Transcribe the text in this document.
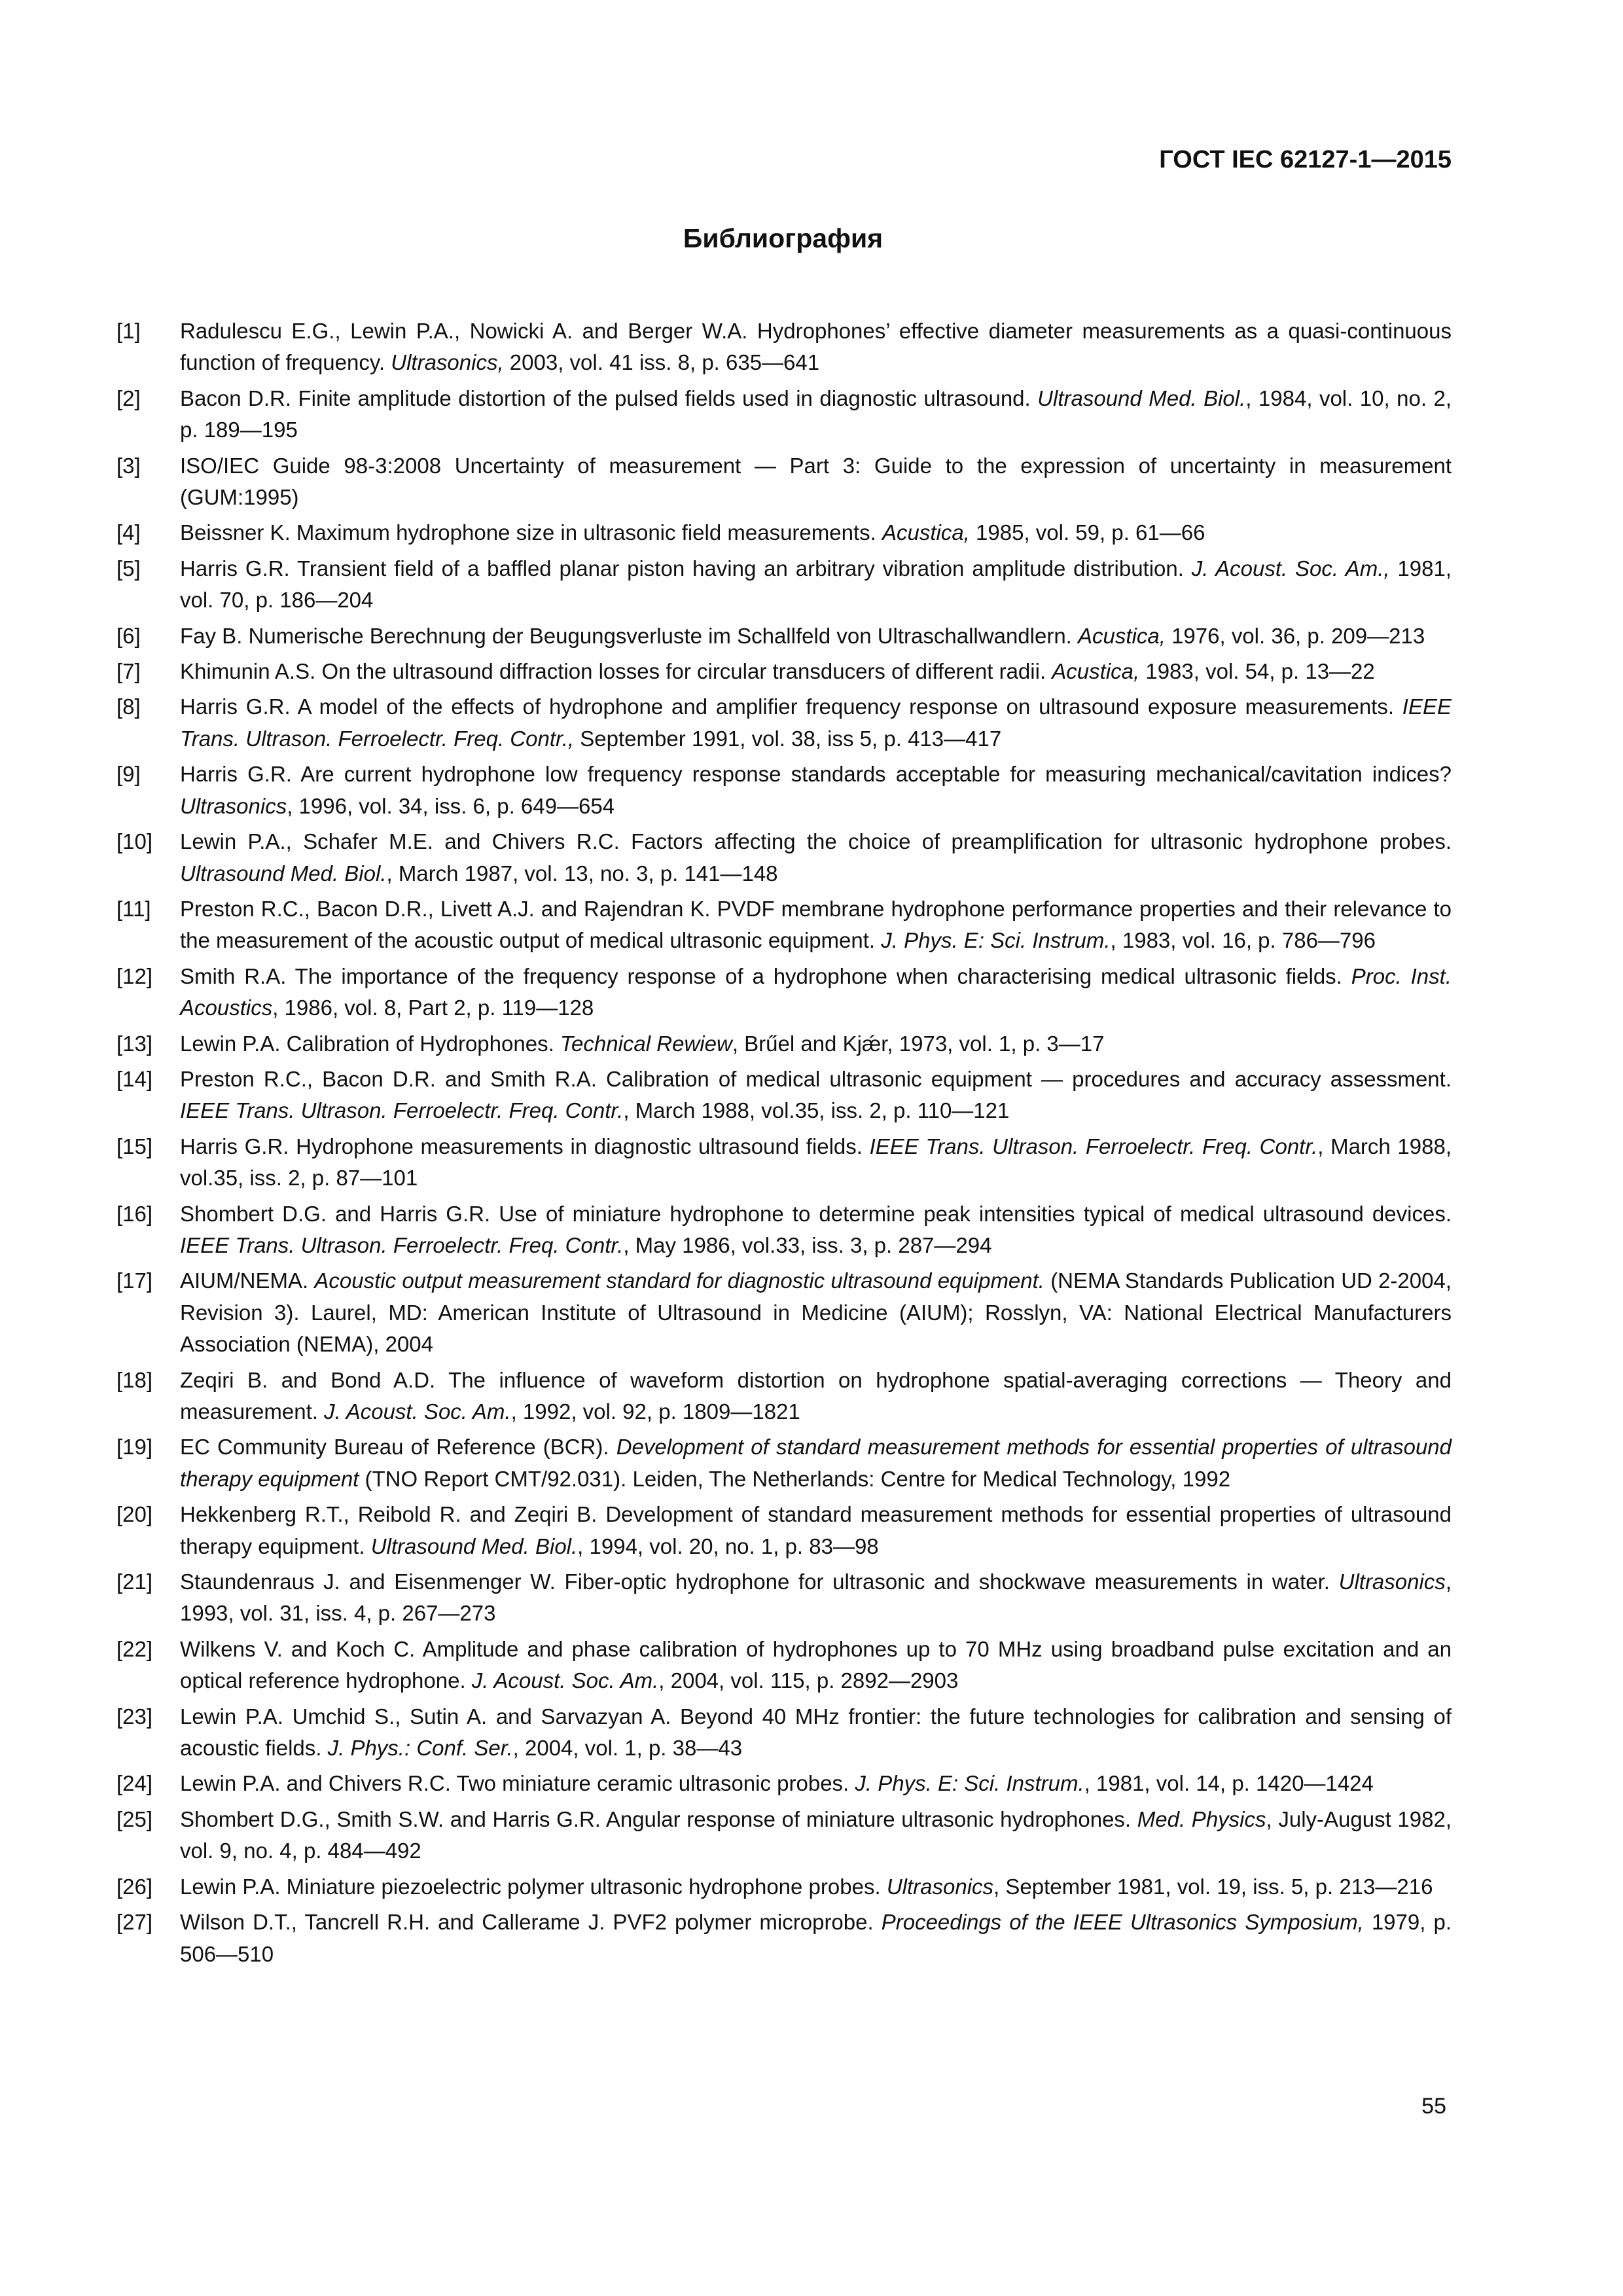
ГОСТ IEC 62127-1—2015
Библиография
[1]	Radulescu E.G., Lewin P.A., Nowicki A. and Berger W.A. Hydrophones’ effective diameter measurements as a quasi-continuous function of frequency. Ultrasonics, 2003, vol. 41 iss. 8, p. 635—641
[2]	Bacon D.R. Finite amplitude distortion of the pulsed fields used in diagnostic ultrasound. Ultrasound Med. Biol., 1984, vol. 10, no. 2, p. 189—195
[3]	ISO/IEC Guide 98-3:2008 Uncertainty of measurement — Part 3: Guide to the expression of uncertainty in measurement (GUM:1995)
[4]	Beissner K. Maximum hydrophone size in ultrasonic field measurements. Acustica, 1985, vol. 59, p. 61—66
[5]	Harris G.R. Transient field of a baffled planar piston having an arbitrary vibration amplitude distribution. J. Acoust. Soc. Am., 1981, vol. 70, p. 186—204
[6]	Fay B. Numerische Berechnung der Beugungsverluste im Schallfeld von Ultraschallwandlern. Acustica, 1976, vol. 36, p. 209—213
[7]	Khimunin A.S. On the ultrasound diffraction losses for circular transducers of different radii. Acustica, 1983, vol. 54, p. 13—22
[8]	Harris G.R. A model of the effects of hydrophone and amplifier frequency response on ultrasound exposure measurements. IEEE Trans. Ultrason. Ferroelectr. Freq. Contr., September 1991, vol. 38, iss 5, p. 413—417
[9]	Harris G.R. Are current hydrophone low frequency response standards acceptable for measuring mechanical/cavitation indices? Ultrasonics, 1996, vol. 34, iss. 6, p. 649—654
[10]	Lewin P.A., Schafer M.E. and Chivers R.C. Factors affecting the choice of preamplification for ultrasonic hydrophone probes. Ultrasound Med. Biol., March 1987, vol. 13, no. 3, p. 141—148
[11]	Preston R.C., Bacon D.R., Livett A.J. and Rajendran K. PVDF membrane hydrophone performance properties and their relevance to the measurement of the acoustic output of medical ultrasonic equipment. J. Phys. E: Sci. Instrum., 1983, vol. 16, p. 786—796
[12]	Smith R.A. The importance of the frequency response of a hydrophone when characterising medical ultrasonic fields. Proc. Inst. Acoustics, 1986, vol. 8, Part 2, p. 119—128
[13]	Lewin P.A. Calibration of Hydrophones. Technical Rewiew, Brűel and Kjǽr, 1973, vol. 1, p. 3—17
[14]	Preston R.C., Bacon D.R. and Smith R.A. Calibration of medical ultrasonic equipment — procedures and accuracy assessment. IEEE Trans. Ultrason. Ferroelectr. Freq. Contr., March 1988, vol.35, iss. 2, p. 110—121
[15]	Harris G.R. Hydrophone measurements in diagnostic ultrasound fields. IEEE Trans. Ultrason. Ferroelectr. Freq. Contr., March 1988, vol.35, iss. 2, p. 87—101
[16]	Shombert D.G. and Harris G.R. Use of miniature hydrophone to determine peak intensities typical of medical ultrasound devices. IEEE Trans. Ultrason. Ferroelectr. Freq. Contr., May 1986, vol.33, iss. 3, p. 287—294
[17]	AIUM/NEMA. Acoustic output measurement standard for diagnostic ultrasound equipment. (NEMA Standards Publication UD 2-2004, Revision 3). Laurel, MD: American Institute of Ultrasound in Medicine (AIUM); Rosslyn, VA: National Electrical Manufacturers Association (NEMA), 2004
[18]	Zeqiri B. and Bond A.D. The influence of waveform distortion on hydrophone spatial-averaging corrections — Theory and measurement. J. Acoust. Soc. Am., 1992, vol. 92, p. 1809—1821
[19]	EC Community Bureau of Reference (BCR). Development of standard measurement methods for essential properties of ultrasound therapy equipment (TNO Report CMT/92.031). Leiden, The Netherlands: Centre for Medical Technology, 1992
[20]	Hekkenberg R.T., Reibold R. and Zeqiri B. Development of standard measurement methods for essential properties of ultrasound therapy equipment. Ultrasound Med. Biol., 1994, vol. 20, no. 1, p. 83—98
[21]	Staundenraus J. and Eisenmenger W. Fiber-optic hydrophone for ultrasonic and shockwave measurements in water. Ultrasonics, 1993, vol. 31, iss. 4, p. 267—273
[22]	Wilkens V. and Koch C. Amplitude and phase calibration of hydrophones up to 70 MHz using broadband pulse excitation and an optical reference hydrophone. J. Acoust. Soc. Am., 2004, vol. 115, p. 2892—2903
[23]	Lewin P.A. Umchid S., Sutin A. and Sarvazyan A. Beyond 40 MHz frontier: the future technologies for calibration and sensing of acoustic fields. J. Phys.: Conf. Ser., 2004, vol. 1, p. 38—43
[24]	Lewin P.A. and Chivers R.C. Two miniature ceramic ultrasonic probes. J. Phys. E: Sci. Instrum., 1981, vol. 14, p. 1420—1424
[25]	Shombert D.G., Smith S.W. and Harris G.R. Angular response of miniature ultrasonic hydrophones. Med. Physics, July-August 1982, vol. 9, no. 4, p. 484—492
[26]	Lewin P.A. Miniature piezoelectric polymer ultrasonic hydrophone probes. Ultrasonics, September 1981, vol. 19, iss. 5, p. 213—216
[27]	Wilson D.T., Tancrell R.H. and Callerame J. PVF2 polymer microprobe. Proceedings of the IEEE Ultrasonics Symposium, 1979, p. 506—510
55
